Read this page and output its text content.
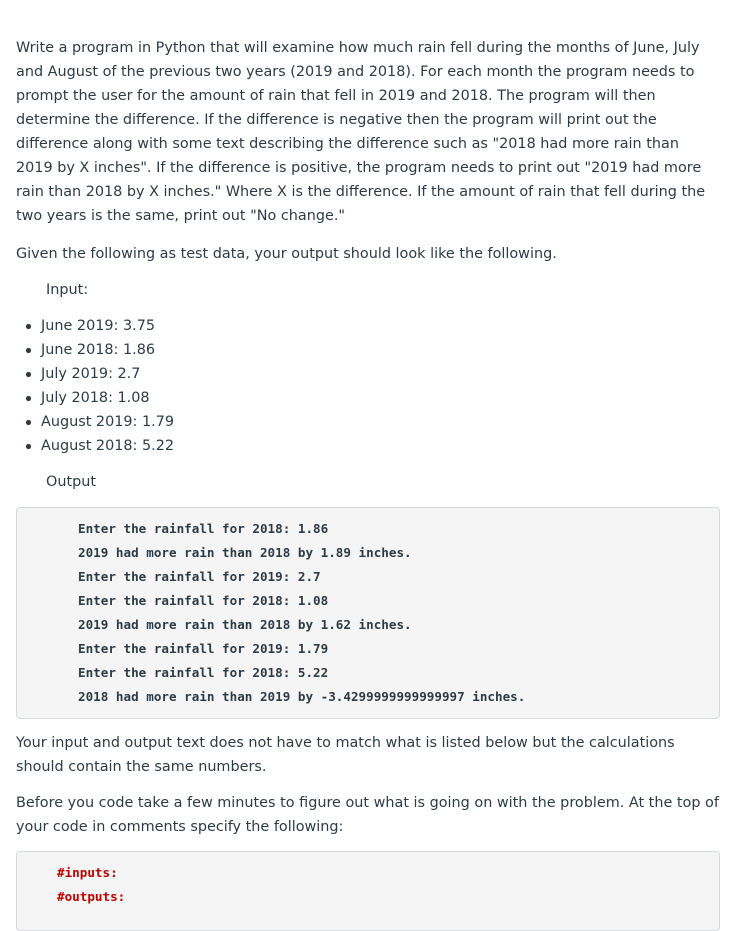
Write a program in Python that will examine how much rain fell during the months of June, July and August of the previous two years (2019 and 2018). For each month the program needs to prompt the user for the amount of rain that fell in 2019 and 2018. The program will then determine the difference. If the difference is negative then the program will print out the difference along with some text describing the difference such as "2018 had more rain than 2019 by X inches". If the difference is positive, the program needs to print out "2019 had more rain than 2018 by X inches." Where X is the difference. If the amount of rain that fell during the two years is the same, print out "No change."

Given the following as test data, your output should look like the following.

Input:

June 2019: 3.75
June 2018: 1.86
July 2019: 2.7
July 2018: 1.08
August 2019: 1.79
August 2018: 5.22

Output

Enter the rainfall for 2018: 1.86
2019 had more rain than 2018 by 1.89 inches.
Enter the rainfall for 2019: 2.7
Enter the rainfall for 2018: 1.08
2019 had more rain than 2018 by 1.62 inches.
Enter the rainfall for 2019: 1.79
Enter the rainfall for 2018: 5.22
2018 had more rain than 2019 by -3.4299999999999997 inches.

Your input and output text does not have to match what is listed below but the calculations should contain the same numbers.

Before you code take a few minutes to figure out what is going on with the problem. At the top of your code in comments specify the following:

#inputs:
#outputs:
